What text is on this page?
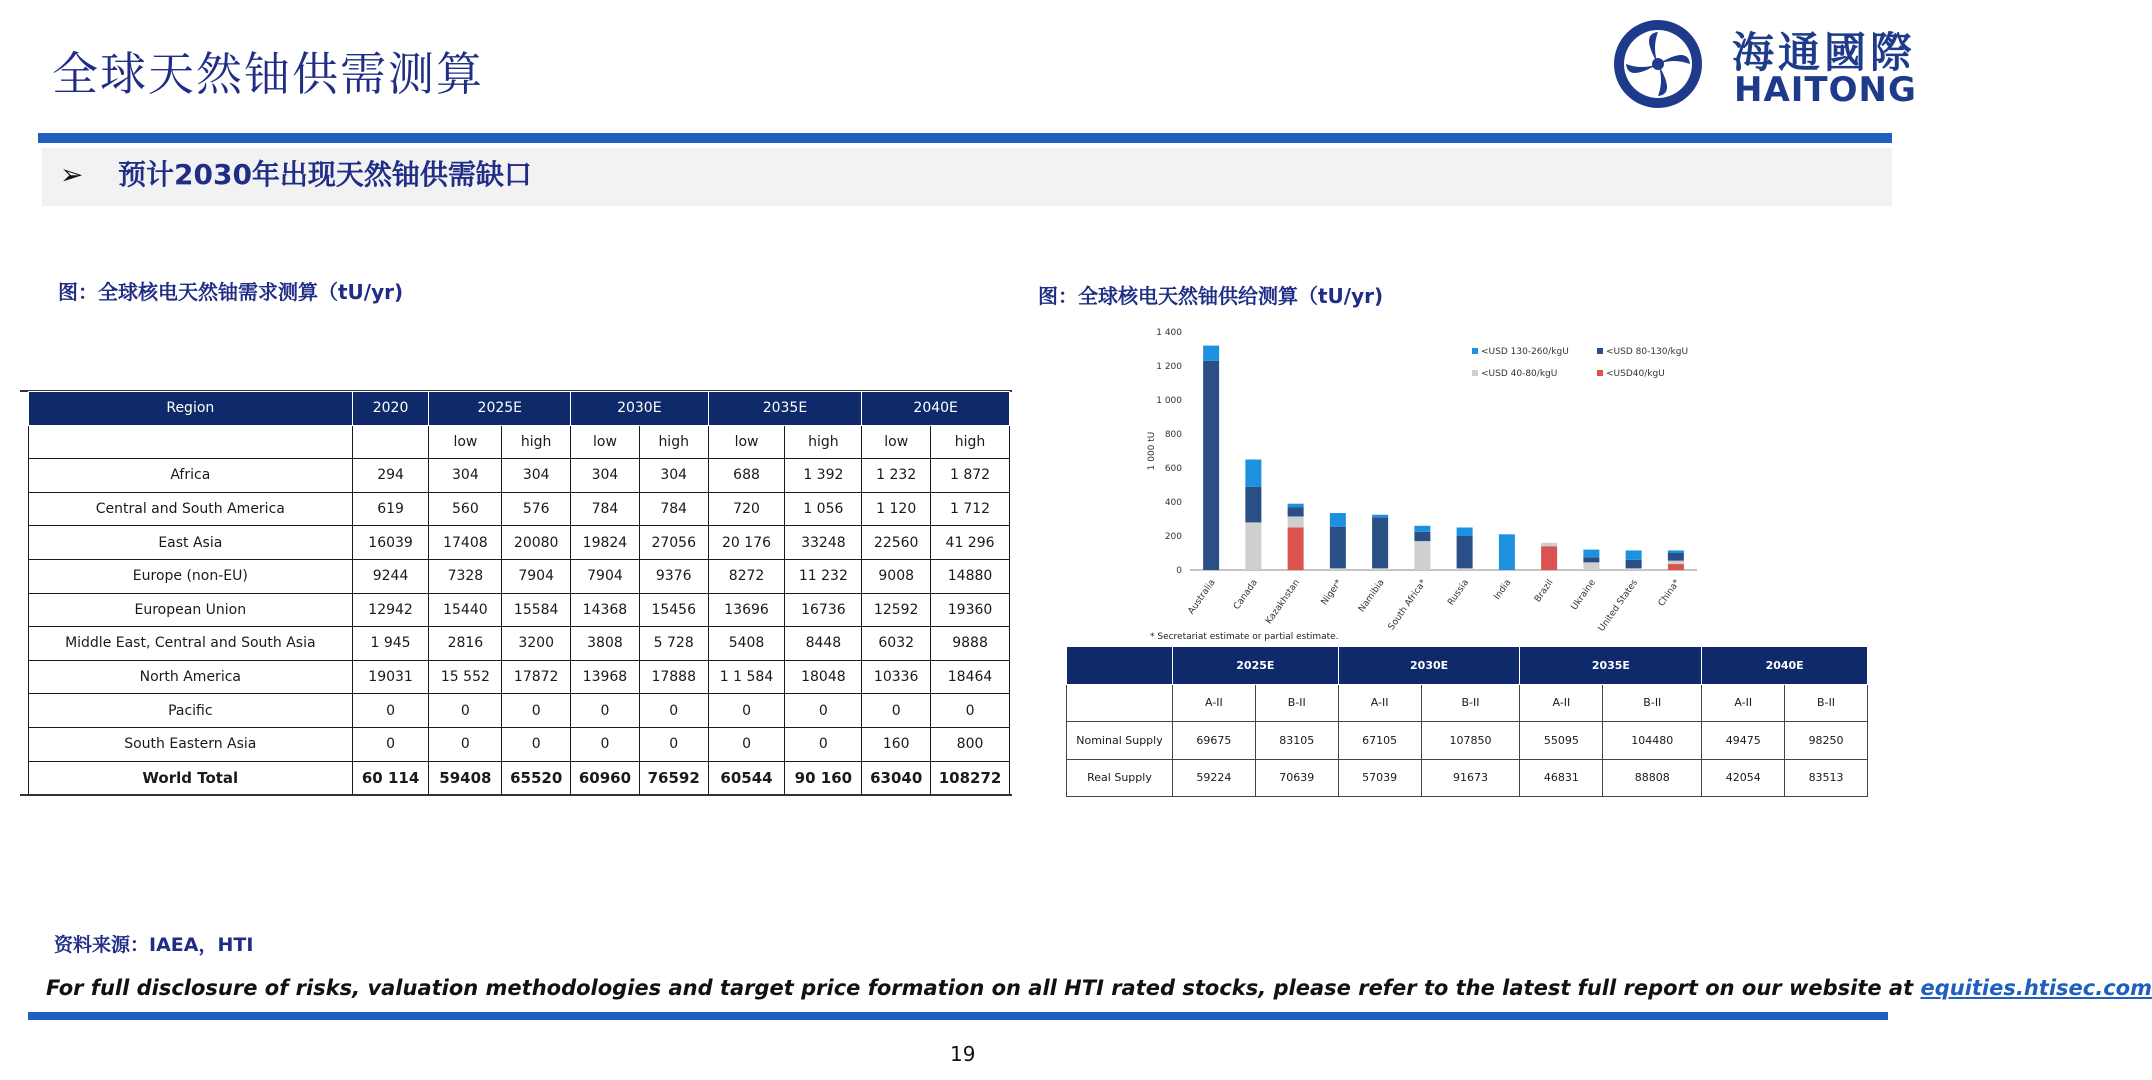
全球天然铀供需测算	海通國際
HAITONG
➢ 预计2030年出现天然铀供需缺口
图：全球核电天然铀需求测算（tU/yr)	图：全球核电天然铀供给测算（tU/yr)
Region	2020	2025E		2030E		2035E		2040E	
		low	high	low	high	low	high	low	high
Africa	294	304	304	304	304	688	1 392	1 232	1 872
Central and South America	619	560	576	784	784	720	1 056	1 120	1 712
East Asia	16039	17408	20080	19824	27056	20 176	33248	22560	41 296
Europe (non-EU)	9244	7328	7904	7904	9376	8272	11 232	9008	14880
European Union	12942	15440	15584	14368	15456	13696	16736	12592	19360
Middle East, Central and South Asia	1 945	2816	3200	3808	5 728	5408	8448	6032	9888
North America	19031	15 552	17872	13968	17888	1 1 584	18048	10336	18464
Pacific	0	0	0	0	0	0	0	0	0
South Eastern Asia	0	0	0	0	0	0	0	160	800
World Total	60 114	59408	65520	60960	76592	60544	90 160	63040	108272
0
200
400
600
800
1 000
1 200
1 400
1 000 tU
Australia Canada Kazakhstan Niger* Namibia South Africa* Russia India Brazil Ukraine United States China*
<USD 130-260/kgU	<USD 80-130/kgU
<USD 40-80/kgU	<USD40/kgU
* Secretariat estimate or partial estimate.
	2025E		2030E		2035E		2040E	
	A-II	B-II	A-II	B-II	A-II	B-II	A-II	B-II
Nominal Supply	69675	83105	67105	107850	55095	104480	49475	98250
Real Supply	59224	70639	57039	91673	46831	88808	42054	83513
资料来源：IAEA，HTI
For full disclosure of risks, valuation methodologies and target price formation on all HTI rated stocks, please refer to the latest full report on our website at equities.htisec.com
19
